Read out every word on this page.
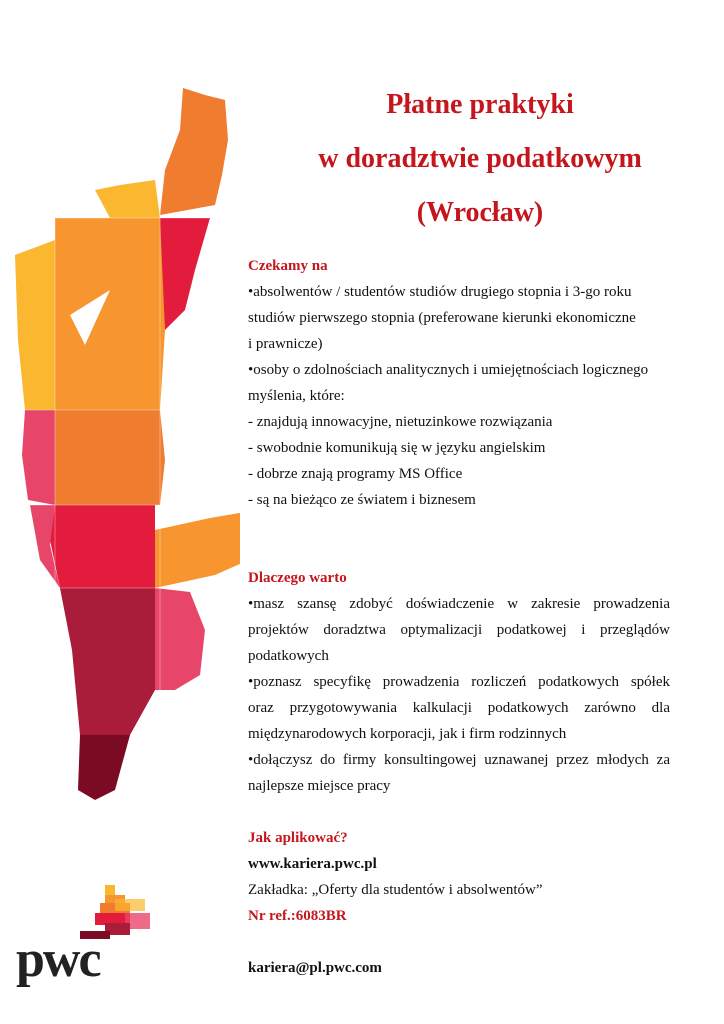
Płatne praktyki
w doradztwie podatkowym
(Wrocław)
Czekamy na
•absolwentów / studentów studiów drugiego stopnia i 3-go roku
studiów pierwszego stopnia (preferowane kierunki ekonomiczne
i prawnicze)
•osoby o zdolnościach analitycznych i umiejętnościach logicznego
myślenia, które:
- znajdują innowacyjne, nietuzinkowe rozwiązania
- swobodnie komunikują się w języku angielskim
- dobrze znają programy MS Office
- są na bieżąco ze światem i biznesem
Dlaczego warto
•masz szansę zdobyć doświadczenie w zakresie prowadzenia
projektów doradztwa optymalizacji podatkowej i przeglądów
podatkowych
•poznasz specyfikę prowadzenia rozliczeń podatkowych spółek
oraz przygotowywania kalkulacji podatkowych zarówno dla
międzynarodowych korporacji, jak i firm rodzinnych
•dołączysz do firmy konsultingowej uznawanej przez młodych za
najlepsze miejsce pracy
Jak aplikować?
www.kariera.pwc.pl
Zakładka: „Oferty dla studentów i absolwentów”
Nr ref.:6083BR
kariera@pl.pwc.com
pwc
